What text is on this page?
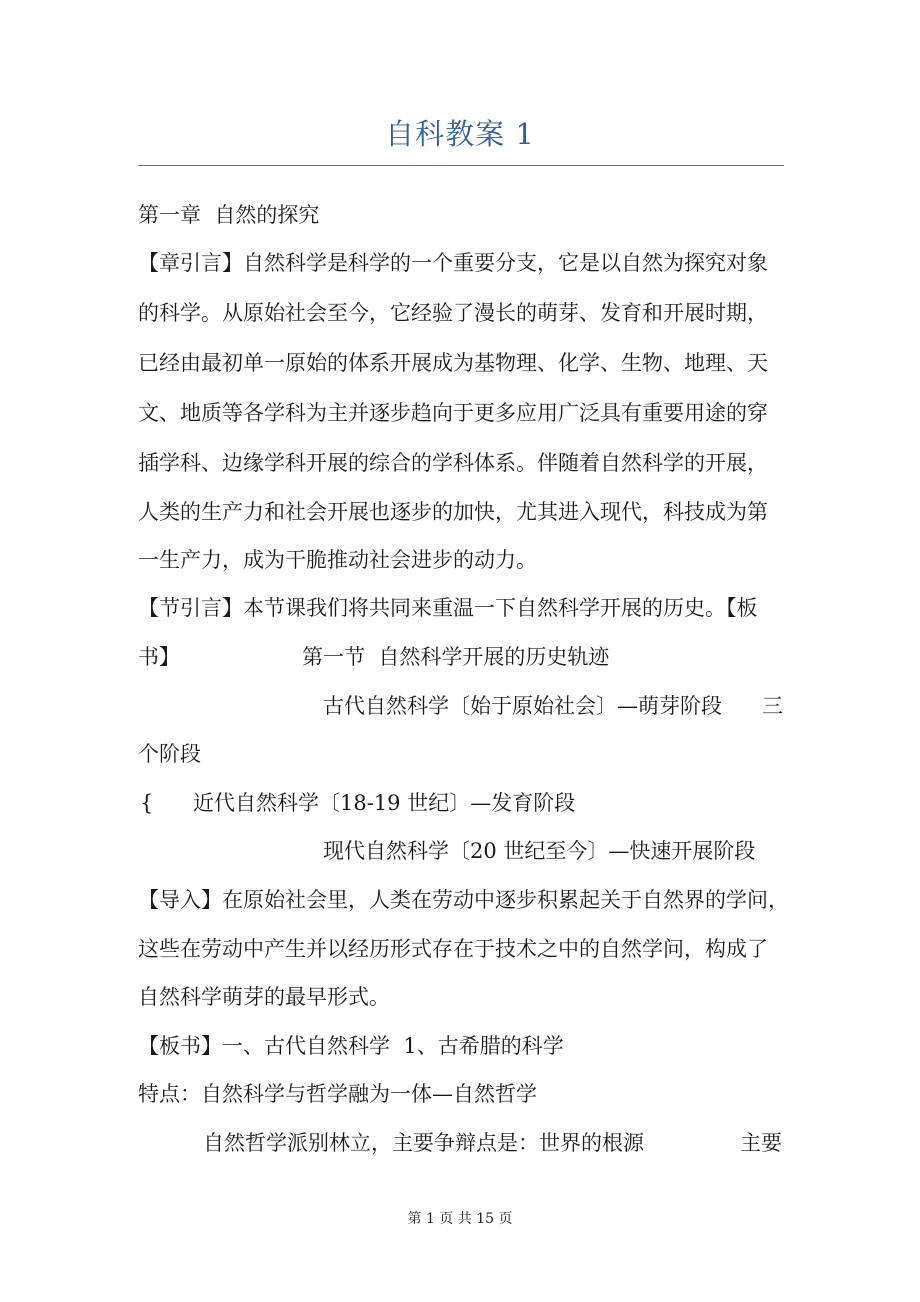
自科教案 1
第一章  自然的探究
【章引言】自然科学是科学的一个重要分支，它是以自然为探究对象
的科学。从原始社会至今，它经验了漫长的萌芽、发育和开展时期，
已经由最初单一原始的体系开展成为基物理、化学、生物、地理、天
文、地质等各学科为主并逐步趋向于更多应用广泛具有重要用途的穿
插学科、边缘学科开展的综合的学科体系。伴随着自然科学的开展，
人类的生产力和社会开展也逐步的加快，尤其进入现代，科技成为第
一生产力，成为干脆推动社会进步的动力。
【节引言】本节课我们将共同来重温一下自然科学开展的历史。【板
书】	第一节  自然科学开展的历史轨迹
古代自然科学〔始于原始社会〕—萌芽阶段 三
个阶段
{ 近代自然科学〔18-19 世纪〕—发育阶段
现代自然科学〔20 世纪至今〕—快速开展阶段
【导入】在原始社会里，人类在劳动中逐步积累起关于自然界的学问，
这些在劳动中产生并以经历形式存在于技术之中的自然学问，构成了
自然科学萌芽的最早形式。
【板书】一、古代自然科学  1、古希腊的科学
特点：自然科学与哲学融为一体—自然哲学
自然哲学派别林立，主要争辩点是：世界的根源	主要
第 1 页 共 15 页
